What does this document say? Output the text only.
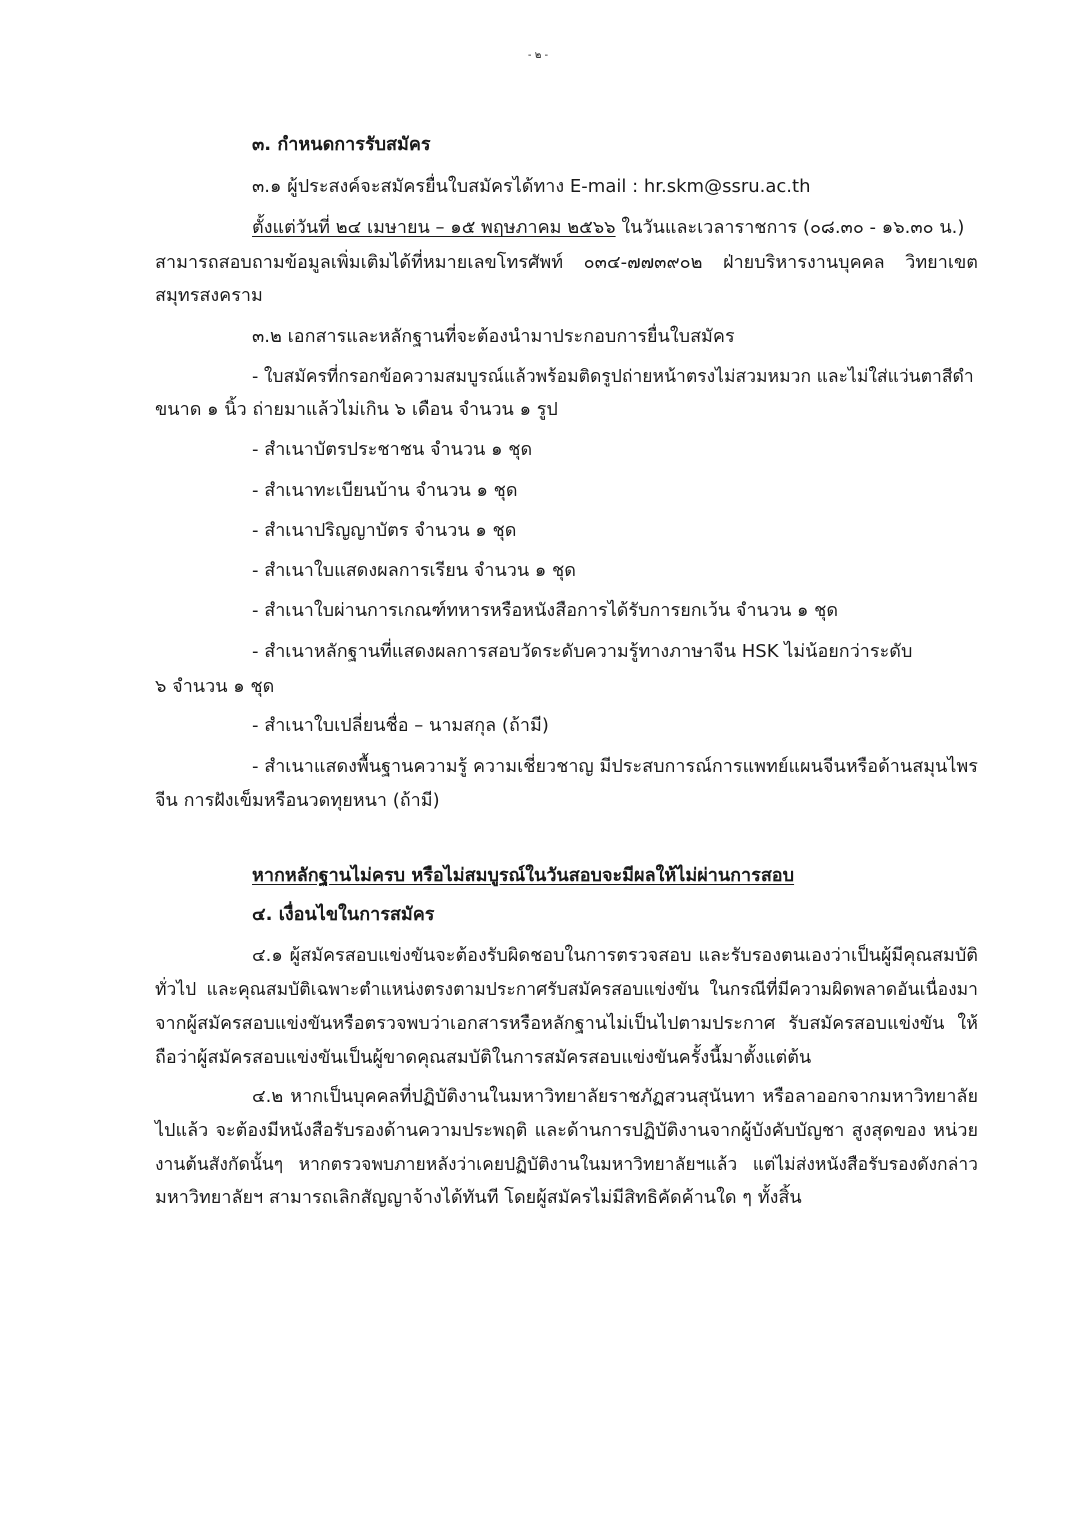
- ๒ -
๓. กำหนดการรับสมัคร
๓.๑ ผู้ประสงค์จะสมัครยื่นใบสมัครได้ทาง E-mail : hr.skm@ssru.ac.th
ตั้งแต่วันที่ ๒๔ เมษายน – ๑๕ พฤษภาคม ๒๕๖๖ ในวันและเวลาราชการ (๐๘.๓๐ - ๑๖.๓๐ น.)
สามารถสอบถามข้อมูลเพิ่มเติมได้ที่หมายเลขโทรศัพท์ ๐๓๔-๗๗๓๙๐๒ ฝ่ายบริหารงานบุคคล วิทยาเขต
สมุทรสงคราม
๓.๒ เอกสารและหลักฐานที่จะต้องนำมาประกอบการยื่นใบสมัคร
- ใบสมัครที่กรอกข้อความสมบูรณ์แล้วพร้อมติดรูปถ่ายหน้าตรงไม่สวมหมวก และไม่ใส่แว่นตาสีดำ
ขนาด ๑ นิ้ว ถ่ายมาแล้วไม่เกิน ๖ เดือน จำนวน ๑ รูป
- สำเนาบัตรประชาชน จำนวน ๑ ชุด
- สำเนาทะเบียนบ้าน จำนวน ๑ ชุด
- สำเนาปริญญาบัตร จำนวน ๑ ชุด
- สำเนาใบแสดงผลการเรียน จำนวน ๑ ชุด
- สำเนาใบผ่านการเกณฑ์ทหารหรือหนังสือการได้รับการยกเว้น จำนวน ๑ ชุด
- สำเนาหลักฐานที่แสดงผลการสอบวัดระดับความรู้ทางภาษาจีน HSK ไม่น้อยกว่าระดับ
๖ จำนวน ๑ ชุด
- สำเนาใบเปลี่ยนชื่อ – นามสกุล (ถ้ามี)
- สำเนาแสดงพื้นฐานความรู้ ความเชี่ยวชาญ มีประสบการณ์การแพทย์แผนจีนหรือด้านสมุนไพร
จีน การฝังเข็มหรือนวดทุยหนา (ถ้ามี)
หากหลักฐานไม่ครบ หรือไม่สมบูรณ์ในวันสอบจะมีผลให้ไม่ผ่านการสอบ
๔. เงื่อนไขในการสมัคร
๔.๑ ผู้สมัครสอบแข่งขันจะต้องรับผิดชอบในการตรวจสอบ และรับรองตนเองว่าเป็นผู้มีคุณสมบัติ
ทั่วไป และคุณสมบัติเฉพาะตำแหน่งตรงตามประกาศรับสมัครสอบแข่งขัน ในกรณีที่มีความผิดพลาดอันเนื่องมา
จากผู้สมัครสอบแข่งขันหรือตรวจพบว่าเอกสารหรือหลักฐานไม่เป็นไปตามประกาศ รับสมัครสอบแข่งขัน ให้
ถือว่าผู้สมัครสอบแข่งขันเป็นผู้ขาดคุณสมบัติในการสมัครสอบแข่งขันครั้งนี้มาตั้งแต่ต้น
๔.๒ หากเป็นบุคคลที่ปฏิบัติงานในมหาวิทยาลัยราชภัฏสวนสุนันทา หรือลาออกจากมหาวิทยาลัย
ไปแล้ว จะต้องมีหนังสือรับรองด้านความประพฤติ และด้านการปฏิบัติงานจากผู้บังคับบัญชา สูงสุดของ หน่วย
งานต้นสังกัดนั้นๆ หากตรวจพบภายหลังว่าเคยปฏิบัติงานในมหาวิทยาลัยฯแล้ว แต่ไม่ส่งหนังสือรับรองดังกล่าว
มหาวิทยาลัยฯ สามารถเลิกสัญญาจ้างได้ทันที โดยผู้สมัครไม่มีสิทธิคัดค้านใด ๆ ทั้งสิ้น
